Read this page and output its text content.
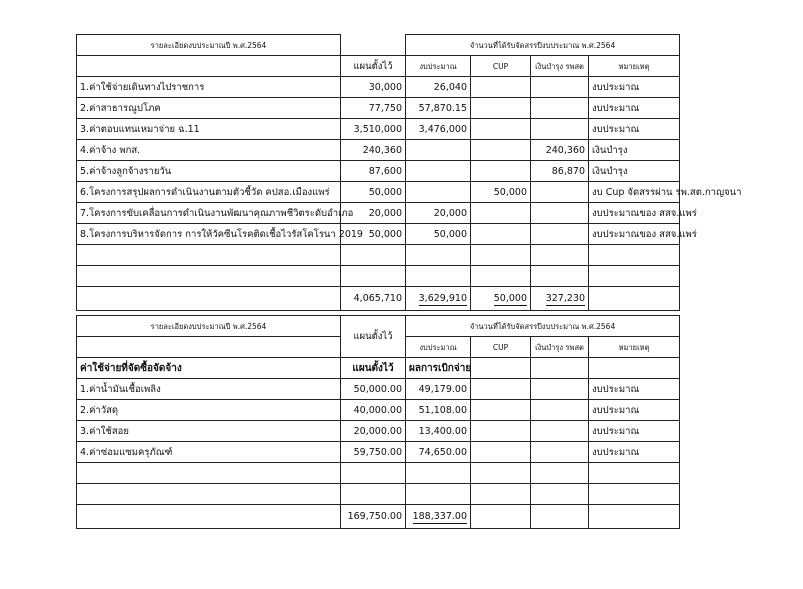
รายละเอียดงบประมาณปี พ.ศ.2564		จำนวนที่ได้รับจัดสรรปีงบประมาณ พ.ศ.2564			
	แผนตั้งไว้	งบประมาณ	CUP	เงินบำรุง รพสต	หมายเหตุ
1.ค่าใช้จ่ายเดินทางไปราชการ	30,000	26,040			งบประมาณ
2.ค่าสาธารณูปโภค	77,750	57,870.15			งบประมาณ
3.ค่าตอบแทนเหมาจ่าย ฉ.11	3,510,000	3,476,000			งบประมาณ
4.ค่าจ้าง พกส.	240,360			240,360	เงินบำรุง
5.ค่าจ้างลูกจ้างรายวัน	87,600			86,870	เงินบำรุง
6.โครงการสรุปผลการดำเนินงานตามตัวชี้วัด คปสอ.เมืองแพร่	50,000		50,000		งบ Cup จัดสรรผ่าน รพ.สต.กาญจนา
7.โครงการขับเคลื่อนการดำเนินงานพัฒนาคุณภาพชีวิตระดับอำเภอ	20,000	20,000			งบประมาณของ สสจ.แพร่
8.โครงการบริหารจัดการ การให้วัคซีนโรคติดเชื้อไวรัสโคโรนา 2019	50,000	50,000			งบประมาณของ สสจ.แพร่

	4,065,710	3,629,910	50,000	327,230	
รายละเอียดงบประมาณปี พ.ศ.2564	แผนตั้งไว้	จำนวนที่ได้รับจัดสรรปีงบประมาณ พ.ศ.2564			
		งบประมาณ	CUP	เงินบำรุง รพสต	หมายเหตุ
ค่าใช้จ่ายที่จัดซื้อจัดจ้าง	แผนตั้งไว้	ผลการเบิกจ่าย			
1.ค่าน้ำมันเชื้อเพลิง	50,000.00	49,179.00			งบประมาณ
2.ค่าวัสดุ	40,000.00	51,108.00			งบประมาณ
3.ค่าใช้สอย	20,000.00	13,400.00			งบประมาณ
4.ค่าซ่อมแซมครุภัณฑ์	59,750.00	74,650.00			งบประมาณ

	169,750.00	188,337.00			
